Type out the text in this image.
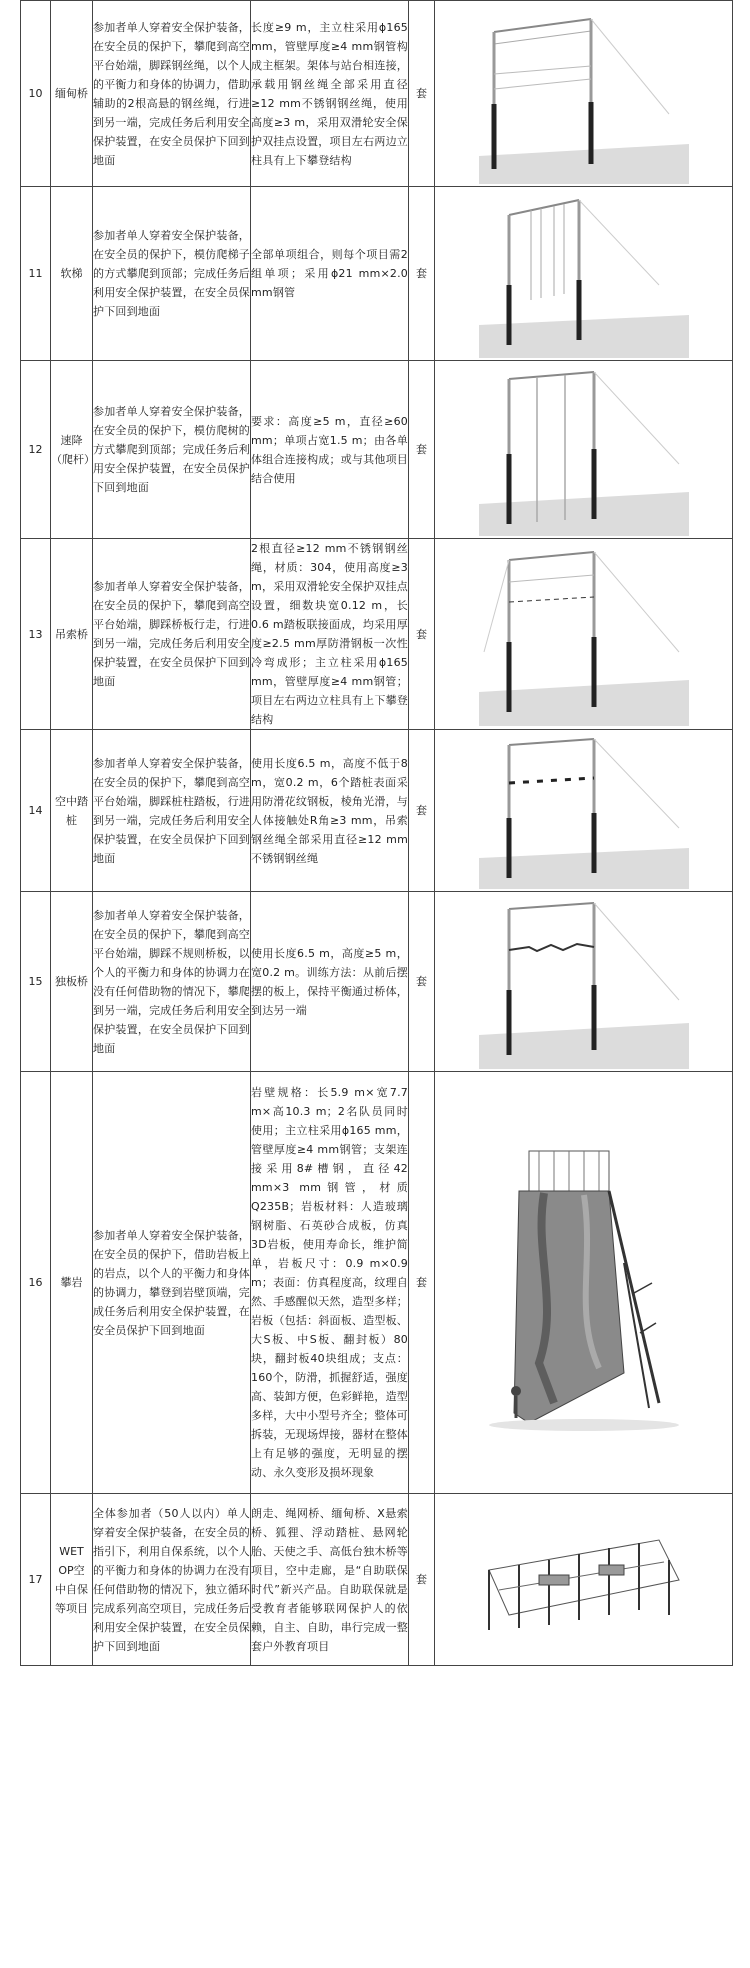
10	缅甸桥	参加者单人穿着安全保护装备，在安全员的保护下，攀爬到高空平台始端，脚踩钢丝绳，以个人的平衡力和身体的协调力，借助辅助的2根高悬的钢丝绳，行进到另一端，完成任务后利用安全保护装置，在安全员保护下回到地面	长度≥9 m，主立柱采用ϕ165 mm，管壁厚度≥4 mm钢管构成主框架。架体与站台相连接，承载用钢丝绳全部采用直径≥12 mm不锈钢钢丝绳，使用高度≥3 m，采用双滑轮安全保护双挂点设置，项目左右两边立柱具有上下攀登结构	套	

11	软梯	参加者单人穿着安全保护装备，在安全员的保护下，模仿爬梯子的方式攀爬到顶部；完成任务后利用安全保护装置，在安全员保护下回到地面	全部单项组合，则每个项目需2组单项；采用ϕ21 mm×2.0 mm钢管	套	

12	速降（爬杆）	参加者单人穿着安全保护装备，在安全员的保护下，模仿爬树的方式攀爬到顶部；完成任务后利用安全保护装置，在安全员保护下回到地面	要求：高度≥5 m，直径≥60 mm；单项占宽1.5 m；由各单体组合连接构成；或与其他项目结合使用	套	

13	吊索桥	参加者单人穿着安全保护装备，在安全员的保护下，攀爬到高空平台始端，脚踩桥板行走，行进到另一端，完成任务后利用安全保护装置，在安全员保护下回到地面	2根直径≥12 mm不锈钢钢丝绳，材质：304，使用高度≥3 m，采用双滑轮安全保护双挂点设置，细数块宽0.12 m，长0.6 m踏板联接面成，均采用厚度≥2.5 mm厚防滑钢板一次性冷弯成形；主立柱采用ϕ165 mm，管壁厚度≥4 mm钢管；项目左右两边立柱具有上下攀登结构	套	

14	空中踏桩	参加者单人穿着安全保护装备，在安全员的保护下，攀爬到高空平台始端，脚踩桩柱踏板，行进到另一端，完成任务后利用安全保护装置，在安全员保护下回到地面	使用长度6.5 m，高度不低于8 m，宽0.2 m，6个踏桩表面采用防滑花纹钢板，棱角光滑，与人体接触处R角≥3 mm，吊索钢丝绳全部采用直径≥12 mm不锈钢钢丝绳	套	

15	独板桥	参加者单人穿着安全保护装备，在安全员的保护下，攀爬到高空平台始端，脚踩不规则桥板，以个人的平衡力和身体的协调力在没有任何借助物的情况下，攀爬到另一端，完成任务后利用安全保护装置，在安全员保护下回到地面	使用长度6.5 m，高度≥5 m，宽0.2 m。训练方法：从前后摆摆的板上，保持平衡通过桥体，到达另一端	套	

16	攀岩	参加者单人穿着安全保护装备，在安全员的保护下，借助岩板上的岩点，以个人的平衡力和身体的协调力，攀登到岩壁顶端，完成任务后利用安全保护装置，在安全员保护下回到地面	岩壁规格：长5.9 m×宽7.7 m×高10.3 m；2名队员同时使用；主立柱采用ϕ165 mm，管壁厚度≥4 mm钢管；支架连接采用8#槽钢，直径42 mm×3 mm钢管，材质Q235B；岩板材料：人造玻璃钢树脂、石英砂合成板，仿真3D岩板，使用寿命长，维护简单，岩板尺寸：0.9 m×0.9 m；表面：仿真程度高，纹理自然、手感醒似天然，造型多样；岩板（包括：斜面板、造型板、大S板、中S板、翻封板）80块，翻封板40块组成；支点：160个，防滑，抓握舒适，强度高、装卸方便，色彩鲜艳，造型多样，大中小型号齐全；整体可拆装，无现场焊接，器材在整体上有足够的强度，无明显的摆动、永久变形及损坏现象	套	

17	WETOP空中自保等项目	全体参加者（50人以内）单人穿着安全保护装备，在安全员的指引下，利用自保系统，以个人的平衡力和身体的协调力在没有任何借助物的情况下，独立循环完成系列高空项目，完成任务后利用安全保护装置，在安全员保护下回到地面	朗走、绳网桥、缅甸桥、X悬索桥、狐狸、浮动踏桩、悬网轮胎、天使之手、高低台独木桥等项目，空中走廊，是“自助联保时代”新兴产品。自助联保就是受教育者能够联网保护人的依赖，自主、自助，串行完成一整套户外教育项目	套	
